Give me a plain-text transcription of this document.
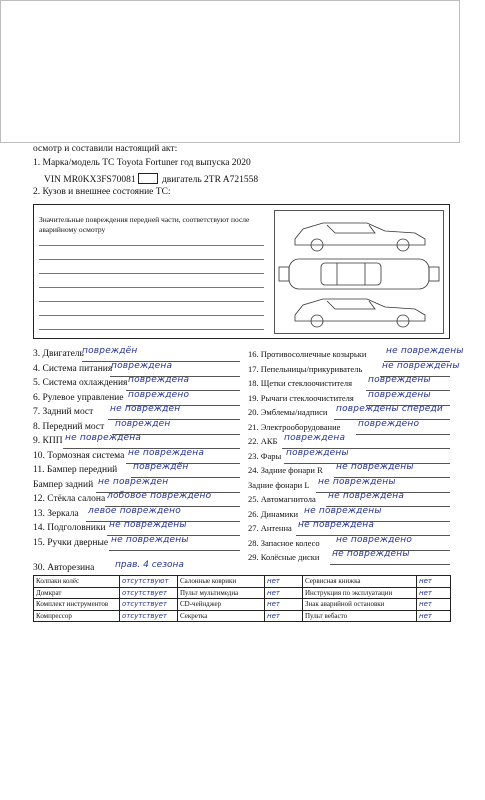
осмотр и составили настоящий акт:
1. Марка/модель ТС Toyota Fortuner год выпуска 2020
VIN MR0KX3FS70081	двигатель 2TR A721558
2. Кузов и внешнее состояние ТС:
Значительные повреждения передней части, соответствуют после аварийному осмотру
3. Двигатель
повреждён
4. Система питания
повреждена
5. Система охлаждения повреждена
6. Рулевое управление повреждено
7. Задний мост не поврежден
8. Передний мост повреждён
9. КПП не повреждена
10. Тормозная система не повреждена
11. Бампер передний повреждён
Бампер задний не поврежден
12. Стёкла салона лобовое повреждено
13. Зеркала левое повреждено
14. Подголовники не повреждены
15. Ручки дверные не повреждены
16. Противосолнечные козырьки не повреждены
17. Пепельницы/прикуриватель не повреждены
18. Щетки стеклоочистителя повреждены
19. Рычаги стеклоочистителя повреждены
20. Эмблемы/надписи повреждены спереди
21. Электрооборудование повреждено
22. АКБ повреждена
23. Фары повреждены
24. Задние фонари R не повреждены
Задние фонари L не повреждены
25. Автомагнитола не повреждена
26. Динамики не повреждены
27. Антенна не повреждена
28. Запасное колесо не повреждено
29. Колёсные диски не повреждены
30. Авторезина прав. 4 сезона
Колпаки колёс	отсутствуют	Салонные коврики	нет	Сервисная книжка	нет
Домкрат	отсутствует	Пульт мультимедиа	нет	Инструкция по эксплуатации	нет
Комплект инструментов	отсутствует	CD-чейнджер	нет	Знак аварийной остановки	нет
Компрессор	отсутствует	Секретка	нет	Пульт вебасто	нет
